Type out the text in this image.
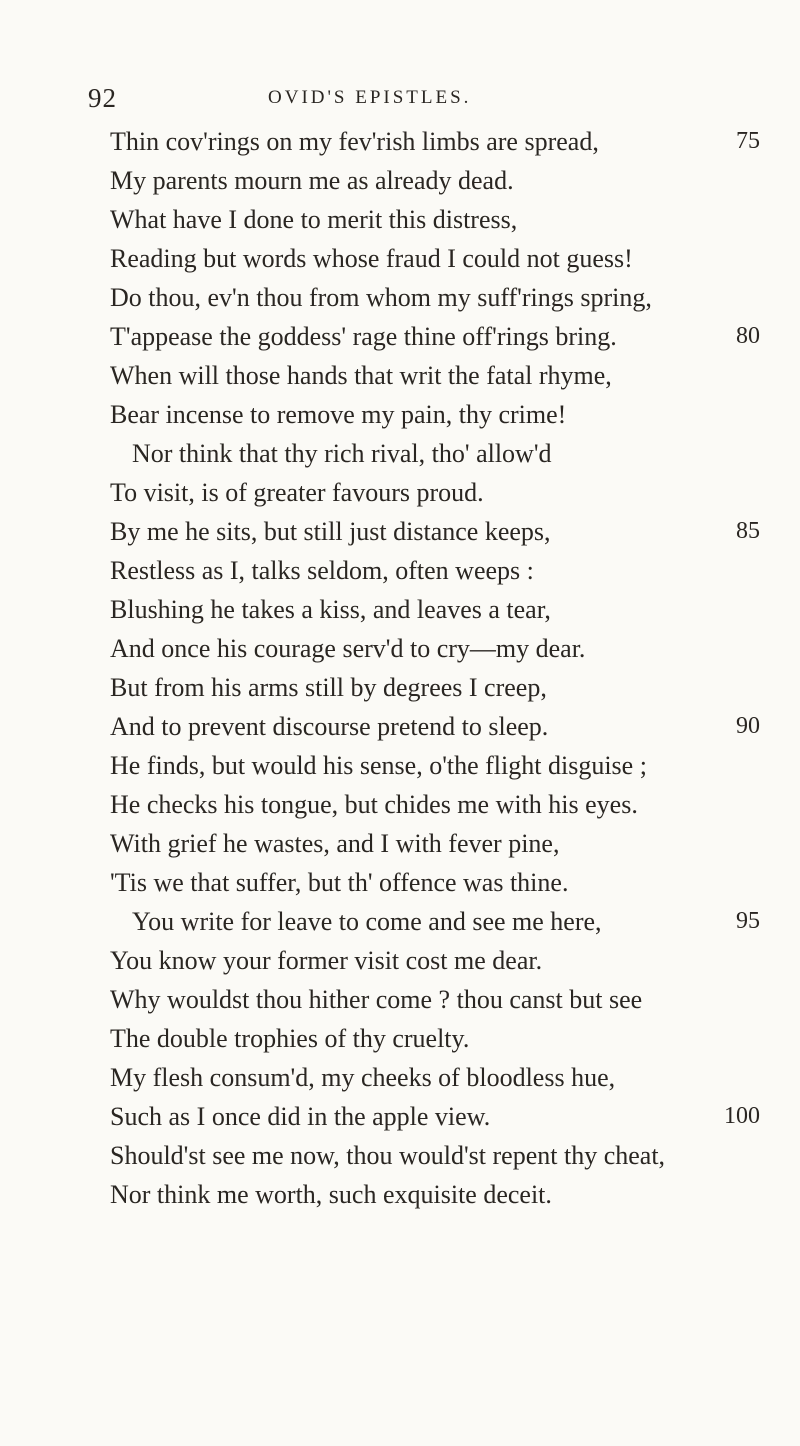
92	OVID'S EPISTLES.
Thin cov'rings on my fev'rish limbs are spread,	75
My parents mourn me as already dead.
What have I done to merit this distress,
Reading but words whose fraud I could not guess!
Do thou, ev'n thou from whom my suff'rings spring,
T'appease the goddess' rage thine off'rings bring.	80
When will those hands that writ the fatal rhyme,
Bear incense to remove my pain, thy crime!
Nor think that thy rich rival, tho' allow'd
To visit, is of greater favours proud.
By me he sits, but still just distance keeps,	85
Restless as I, talks seldom, often weeps :
Blushing he takes a kiss, and leaves a tear,
And once his courage serv'd to cry—my dear.
But from his arms still by degrees I creep,
And to prevent discourse pretend to sleep.	90
He finds, but would his sense, o'the flight disguise ;
He checks his tongue, but chides me with his eyes.
With grief he wastes, and I with fever pine,
'Tis we that suffer, but th' offence was thine.
You write for leave to come and see me here,	95
You know your former visit cost me dear.
Why wouldst thou hither come ? thou canst but see
The double trophies of thy cruelty.
My flesh consum'd, my cheeks of bloodless hue,
Such as I once did in the apple view.	100
Should'st see me now, thou would'st repent thy cheat,
Nor think me worth, such exquisite deceit.
